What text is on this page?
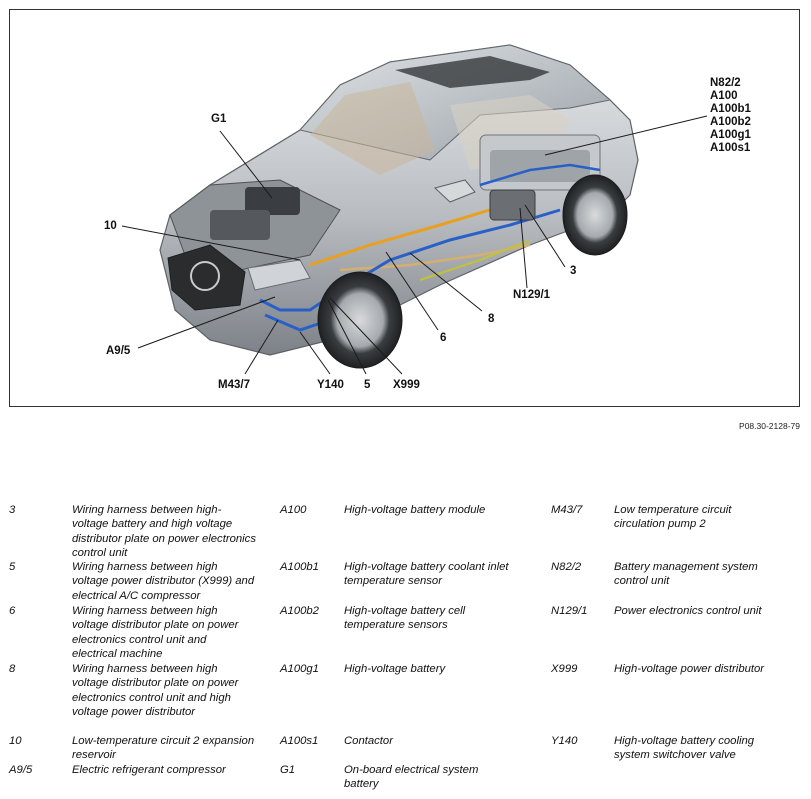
G1
N82/2
A100
A100b1
A100b2
A100g1
A100s1
10
3
N129/1
8
6
A9/5
M43/7	Y140 5 X999
P08.30-2128-79
3	Wiring harness between high-voltage battery and high voltage distributor plate on power electronics control unit
5	Wiring harness between high voltage power distributor (X999) and electrical A/C compressor
6	Wiring harness between high voltage distributor plate on power electronics control unit and electrical machine
8	Wiring harness between high voltage distributor plate on power electronics control unit and high voltage power distributor
10	Low-temperature circuit 2 expansion reservoir
A9/5	Electric refrigerant compressor
A100	High-voltage battery module
A100b1	High-voltage battery coolant inlet temperature sensor
A100b2	High-voltage battery cell temperature sensors
A100g1	High-voltage battery
A100s1	Contactor
G1	On-board electrical system battery
M43/7	Low temperature circuit circulation pump 2
N82/2	Battery management system control unit
N129/1	Power electronics control unit
X999	High-voltage power distributor
Y140	High-voltage battery cooling system switchover valve
